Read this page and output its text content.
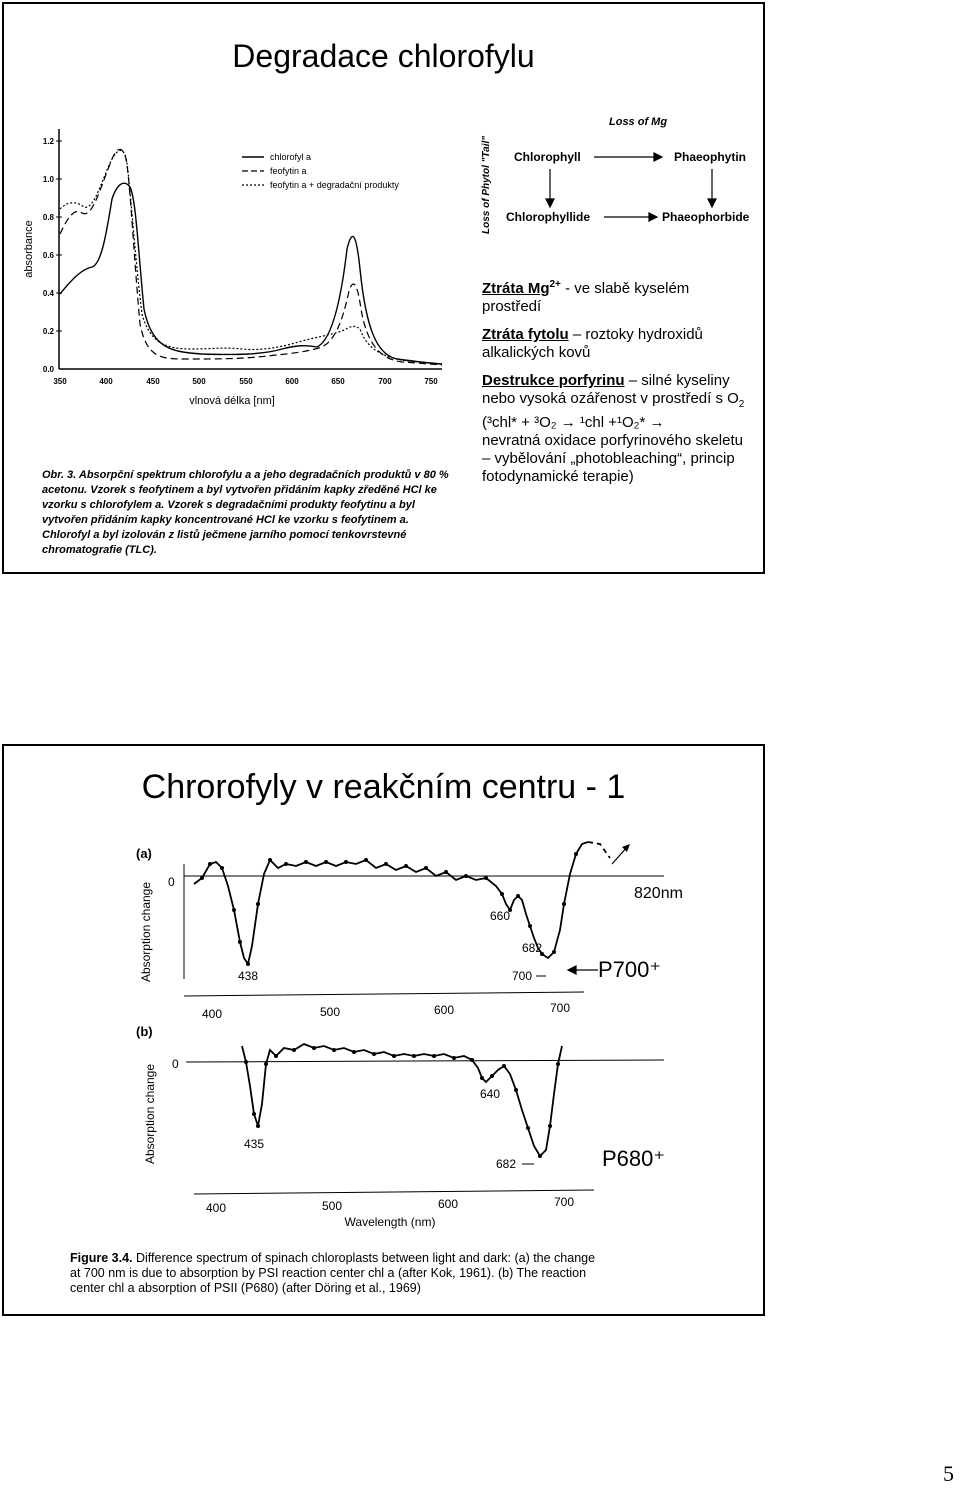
Degradace chlorofylu
absorbance
0.0
0.2
0.4
0.6
0.8
1.0
1.2
350	400	450	500	550	600	650	700	750
vlnová délka [nm]
chlorofyl a
feofytin a
feofytin a + degradační produkty
Obr. 3. Absorpční spektrum chlorofylu a a jeho degradačních produktů v 80 %
acetonu. Vzorek s feofytinem a byl vytvořen přidáním kapky zředěné HCl ke
vzorku s chlorofylem a. Vzorek s degradačními produkty feofytinu a byl
vytvořen přidáním kapky koncentrované HCl ke vzorku s feofytinem a.
Chlorofyl a byl izolován z listů ječmene jarního pomocí tenkovrstevné
chromatografie (TLC).
Loss of Mg
Loss of Phytol "Tail" Chlorophyll	Phaeophytin
Chlorophyllide	Phaeophorbide

Ztráta $Mg^{2+}$ - ve slabě kyselém prostředí

Ztráta fytolu – roztoky hydroxidů alkalických kovů

Destrukce porfyrinu – silné kyseliny nebo vysoká ozářenost v prostředí s $O_2$
(³chl* + ³O₂ → ¹chl +¹O₂* →
nevratná oxidace porfyrinového skeletu – vybělování „photobleaching“, princip fotodynamické terapie)

Chrorofyly v reakčním centru - 1
(a)
Absorption change 0
438
660
682
700
820nm
P700⁺
400	500	600	700
(b)
Absorption change 0
435
640
682	P680⁺
400	500	600	700
Wavelength (nm)
Figure 3.4. Difference spectrum of spinach chloroplasts between light and dark: (a) the change
at 700 nm is due to absorption by PSI reaction center chl a (after Kok, 1961). (b) The reaction
center chl a absorption of PSII (P680) (after Döring et al., 1969)
5
